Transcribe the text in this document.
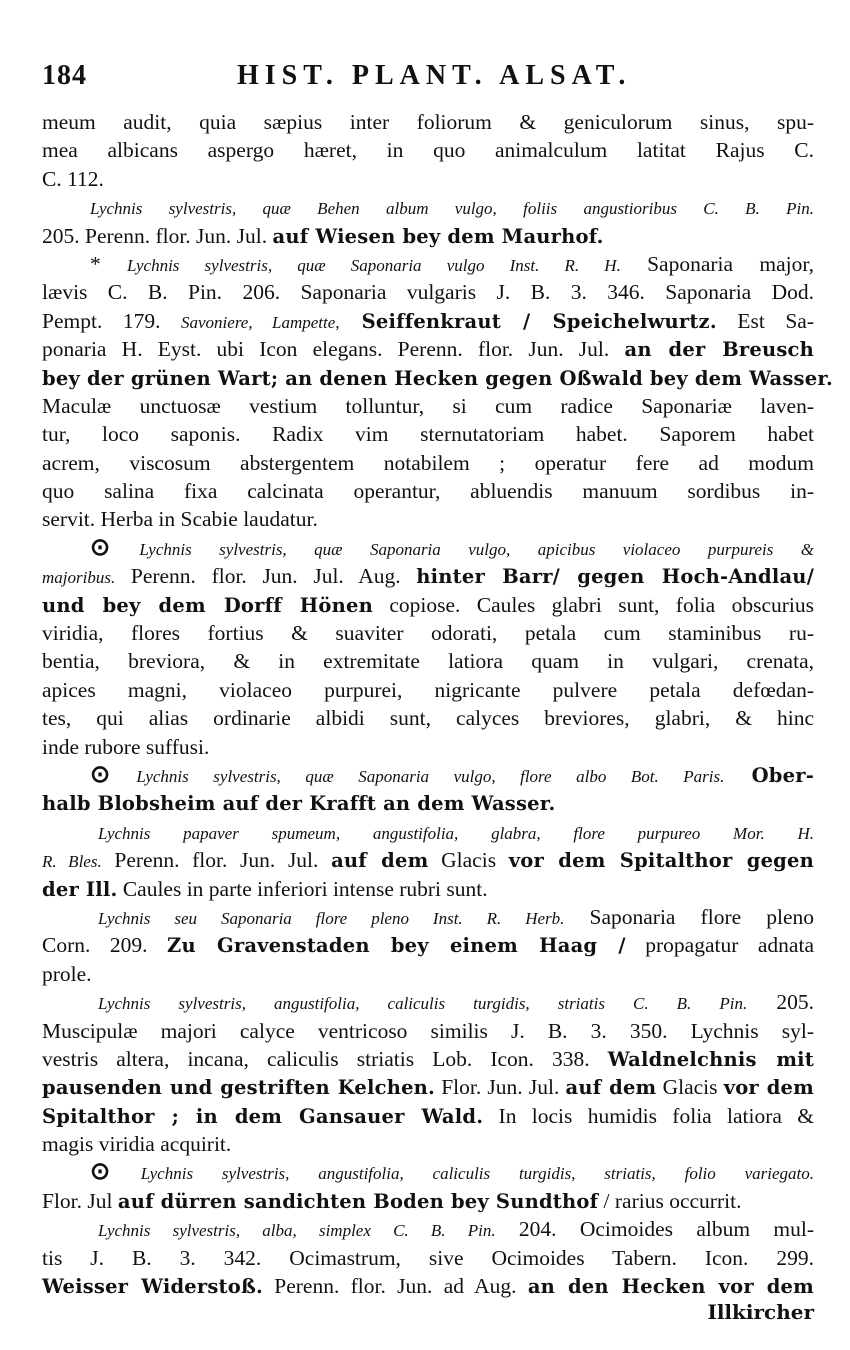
184	HIST. PLANT. ALSAT.
meum audit, quia sæpius inter foliorum & geniculorum sinus, spu-
mea albicans aspergo hæret, in quo animalculum latitat Rajus C.
C. 112.
Lychnis sylvestris, quæ Behen album vulgo, foliis angustioribus C. B. Pin.
205. Perenn. flor. Jun. Jul. auf Wiesen bey dem Maurhof.
* Lychnis sylvestris, quæ Saponaria vulgo Inst. R. H. Saponaria major,
lævis C. B. Pin. 206. Saponaria vulgaris J. B. 3. 346. Saponaria Dod.
Pempt. 179. Savoniere, Lampette, Seiffenkraut / Speichelwurtz. Est Sa-
ponaria H. Eyst. ubi Icon elegans. Perenn. flor. Jun. Jul. an der Breusch
bey der grünen Wart; an denen Hecken gegen Oßwald bey dem Wasser.
Maculæ unctuosæ vestium tolluntur, si cum radice Saponariæ laven-
tur, loco saponis. Radix vim sternutatoriam habet. Saporem habet
acrem, viscosum abstergentem notabilem ; operatur fere ad modum
quo salina fixa calcinata operantur, abluendis manuum sordibus in-
servit. Herba in Scabie laudatur.
⊙ Lychnis sylvestris, quæ Saponaria vulgo, apicibus violaceo purpureis &
majoribus. Perenn. flor. Jun. Jul. Aug. hinter Barr/ gegen Hoch-Andlau/
und bey dem Dorff Hönen copiose. Caules glabri sunt, folia obscurius
viridia, flores fortius & suaviter odorati, petala cum staminibus ru-
bentia, breviora, & in extremitate latiora quam in vulgari, crenata,
apices magni, violaceo purpurei, nigricante pulvere petala defœdan-
tes, qui alias ordinarie albidi sunt, calyces breviores, glabri, & hinc
inde rubore suffusi.
⊙ Lychnis sylvestris, quæ Saponaria vulgo, flore albo Bot. Paris. Ober-
halb Blobsheim auf der Krafft an dem Wasser.
Lychnis papaver spumeum, angustifolia, glabra, flore purpureo Mor. H.
R. Bles. Perenn. flor. Jun. Jul. auf dem Glacis vor dem Spitalthor gegen
der Ill. Caules in parte inferiori intense rubri sunt.
Lychnis seu Saponaria flore pleno Inst. R. Herb. Saponaria flore pleno
Corn. 209. Zu Gravenstaden bey einem Haag / propagatur adnata
prole.
Lychnis sylvestris, angustifolia, caliculis turgidis, striatis C. B. Pin. 205.
Muscipulæ majori calyce ventricoso similis J. B. 3. 350. Lychnis syl-
vestris altera, incana, caliculis striatis Lob. Icon. 338. Waldnelchnis mit
pausenden und gestriften Kelchen. Flor. Jun. Jul. auf dem Glacis vor dem
Spitalthor ; in dem Gansauer Wald. In locis humidis folia latiora &
magis viridia acquirit.
⊙ Lychnis sylvestris, angustifolia, caliculis turgidis, striatis, folio variegato.
Flor. Jul auf dürren sandichten Boden bey Sundthof / rarius occurrit.
Lychnis sylvestris, alba, simplex C. B. Pin. 204. Ocimoides album mul-
tis J. B. 3. 342. Ocimastrum, sive Ocimoides Tabern. Icon. 299.
Weisser Widerstoß. Perenn. flor. Jun. ad Aug. an den Hecken vor dem
Illkircher
